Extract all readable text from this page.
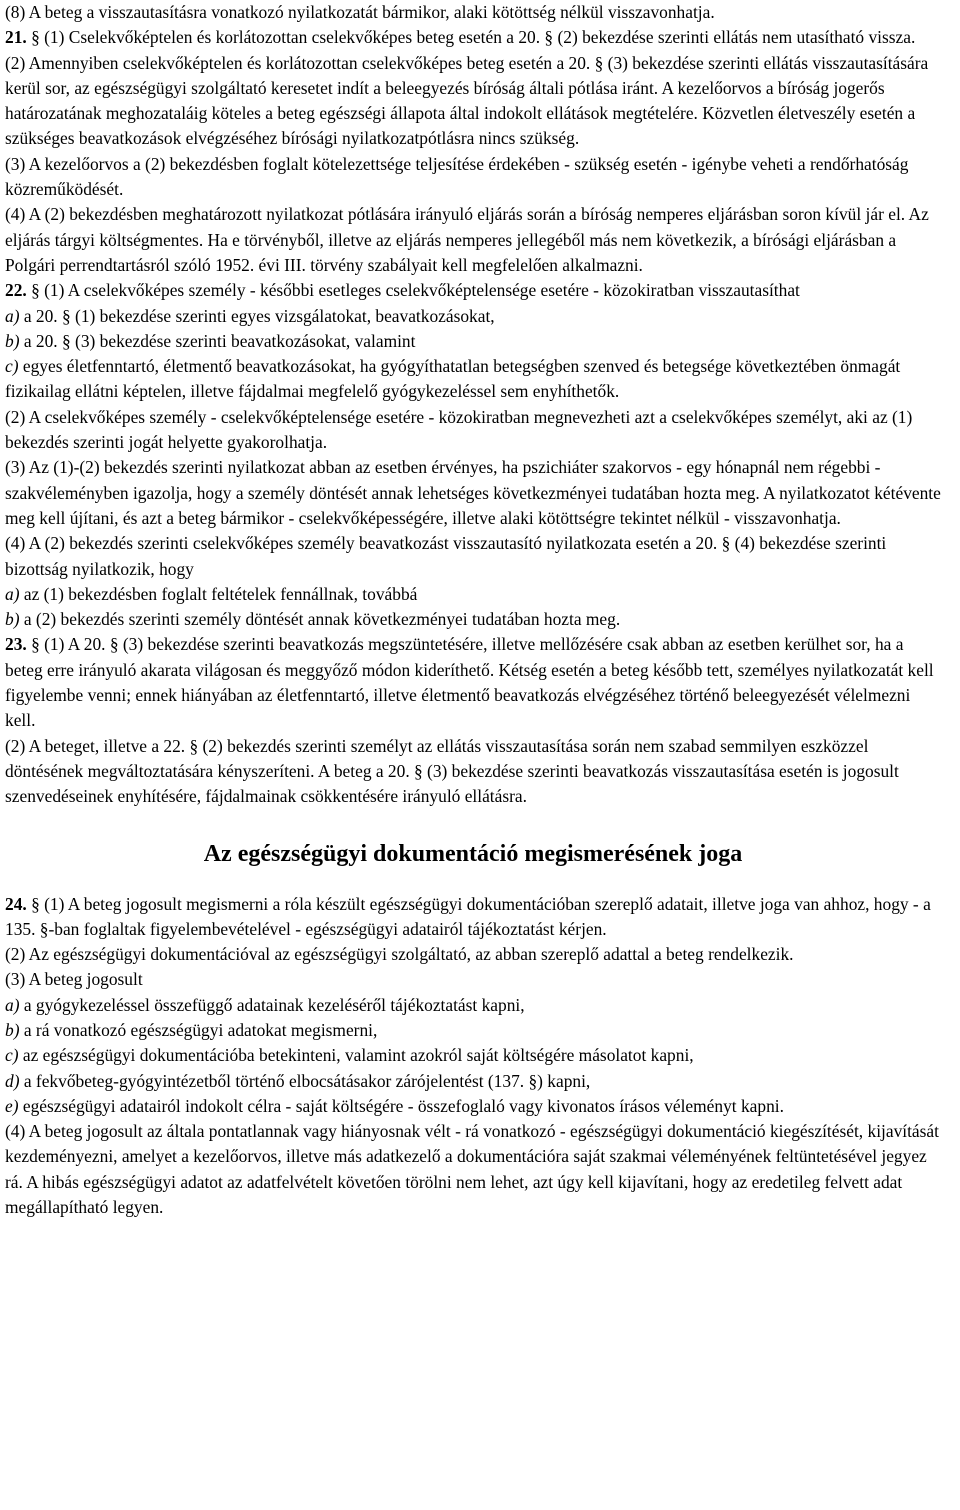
(8) A beteg a visszautasításra vonatkozó nyilatkozatát bármikor, alaki kötöttség nélkül visszavonhatja.
21. § (1) Cselekvőképtelen és korlátozottan cselekvőképes beteg esetén a 20. § (2) bekezdése szerinti ellátás nem utasítható vissza.
(2) Amennyiben cselekvőképtelen és korlátozottan cselekvőképes beteg esetén a 20. § (3) bekezdése szerinti ellátás visszautasítására kerül sor, az egészségügyi szolgáltató keresetet indít a beleegyezés bíróság általi pótlása iránt. A kezelőorvos a bíróság jogerős határozatának meghozataláig köteles a beteg egészségi állapota által indokolt ellátások megtételére. Közvetlen életveszély esetén a szükséges beavatkozások elvégzéséhez bírósági nyilatkozatpótlásra nincs szükség.
(3) A kezelőorvos a (2) bekezdésben foglalt kötelezettsége teljesítése érdekében - szükség esetén - igénybe veheti a rendőrhatóság közreműködését.
(4) A (2) bekezdésben meghatározott nyilatkozat pótlására irányuló eljárás során a bíróság nemperes eljárásban soron kívül jár el. Az eljárás tárgyi költségmentes. Ha e törvényből, illetve az eljárás nemperes jellegéből más nem következik, a bírósági eljárásban a Polgári perrendtartásról szóló 1952. évi III. törvény szabályait kell megfelelően alkalmazni.
22. § (1) A cselekvőképes személy - későbbi esetleges cselekvőképtelensége esetére - közokiratban visszautasíthat
a) a 20. § (1) bekezdése szerinti egyes vizsgálatokat, beavatkozásokat,
b) a 20. § (3) bekezdése szerinti beavatkozásokat, valamint
c) egyes életfenntartó, életmentő beavatkozásokat, ha gyógyíthatatlan betegségben szenved és betegsége következtében önmagát fizikailag ellátni képtelen, illetve fájdalmai megfelelő gyógykezeléssel sem enyhíthetők.
(2) A cselekvőképes személy - cselekvőképtelensége esetére - közokiratban megnevezheti azt a cselekvőképes személyt, aki az (1) bekezdés szerinti jogát helyette gyakorolhatja.
(3) Az (1)-(2) bekezdés szerinti nyilatkozat abban az esetben érvényes, ha pszichiáter szakorvos - egy hónapnál nem régebbi - szakvéleményben igazolja, hogy a személy döntését annak lehetséges következményei tudatában hozta meg. A nyilatkozatot kétévente meg kell újítani, és azt a beteg bármikor - cselekvőképességére, illetve alaki kötöttségre tekintet nélkül - visszavonhatja.
(4) A (2) bekezdés szerinti cselekvőképes személy beavatkozást visszautasító nyilatkozata esetén a 20. § (4) bekezdése szerinti bizottság nyilatkozik, hogy
a) az (1) bekezdésben foglalt feltételek fennállnak, továbbá
b) a (2) bekezdés szerinti személy döntését annak következményei tudatában hozta meg.
23. § (1) A 20. § (3) bekezdése szerinti beavatkozás megszüntetésére, illetve mellőzésére csak abban az esetben kerülhet sor, ha a beteg erre irányuló akarata világosan és meggyőző módon kideríthető. Kétség esetén a beteg később tett, személyes nyilatkozatát kell figyelembe venni; ennek hiányában az életfenntartó, illetve életmentő beavatkozás elvégzéséhez történő beleegyezését vélelmezni kell.
(2) A beteget, illetve a 22. § (2) bekezdés szerinti személyt az ellátás visszautasítása során nem szabad semmilyen eszközzel döntésének megváltoztatására kényszeríteni. A beteg a 20. § (3) bekezdése szerinti beavatkozás visszautasítása esetén is jogosult szenvedéseinek enyhítésére, fájdalmainak csökkentésére irányuló ellátásra.
Az egészségügyi dokumentáció megismerésének joga
24. § (1) A beteg jogosult megismerni a róla készült egészségügyi dokumentációban szereplő adatait, illetve joga van ahhoz, hogy - a 135. §-ban foglaltak figyelembevételével - egészségügyi adatairól tájékoztatást kérjen.
(2) Az egészségügyi dokumentációval az egészségügyi szolgáltató, az abban szereplő adattal a beteg rendelkezik.
(3) A beteg jogosult
a) a gyógykezeléssel összefüggő adatainak kezeléséről tájékoztatást kapni,
b) a rá vonatkozó egészségügyi adatokat megismerni,
c) az egészségügyi dokumentációba betekinteni, valamint azokról saját költségére másolatot kapni,
d) a fekvőbeteg-gyógyintézetből történő elbocsátásakor zárójelentést (137. §) kapni,
e) egészségügyi adatairól indokolt célra - saját költségére - összefoglaló vagy kivonatos írásos véleményt kapni.
(4) A beteg jogosult az általa pontatlannak vagy hiányosnak vélt - rá vonatkozó - egészségügyi dokumentáció kiegészítését, kijavítását kezdeményezni, amelyet a kezelőorvos, illetve más adatkezelő a dokumentációra saját szakmai véleményének feltüntetésével jegyez rá. A hibás egészségügyi adatot az adatfelvételt követően törölni nem lehet, azt úgy kell kijavítani, hogy az eredetileg felvett adat megállapítható legyen.
